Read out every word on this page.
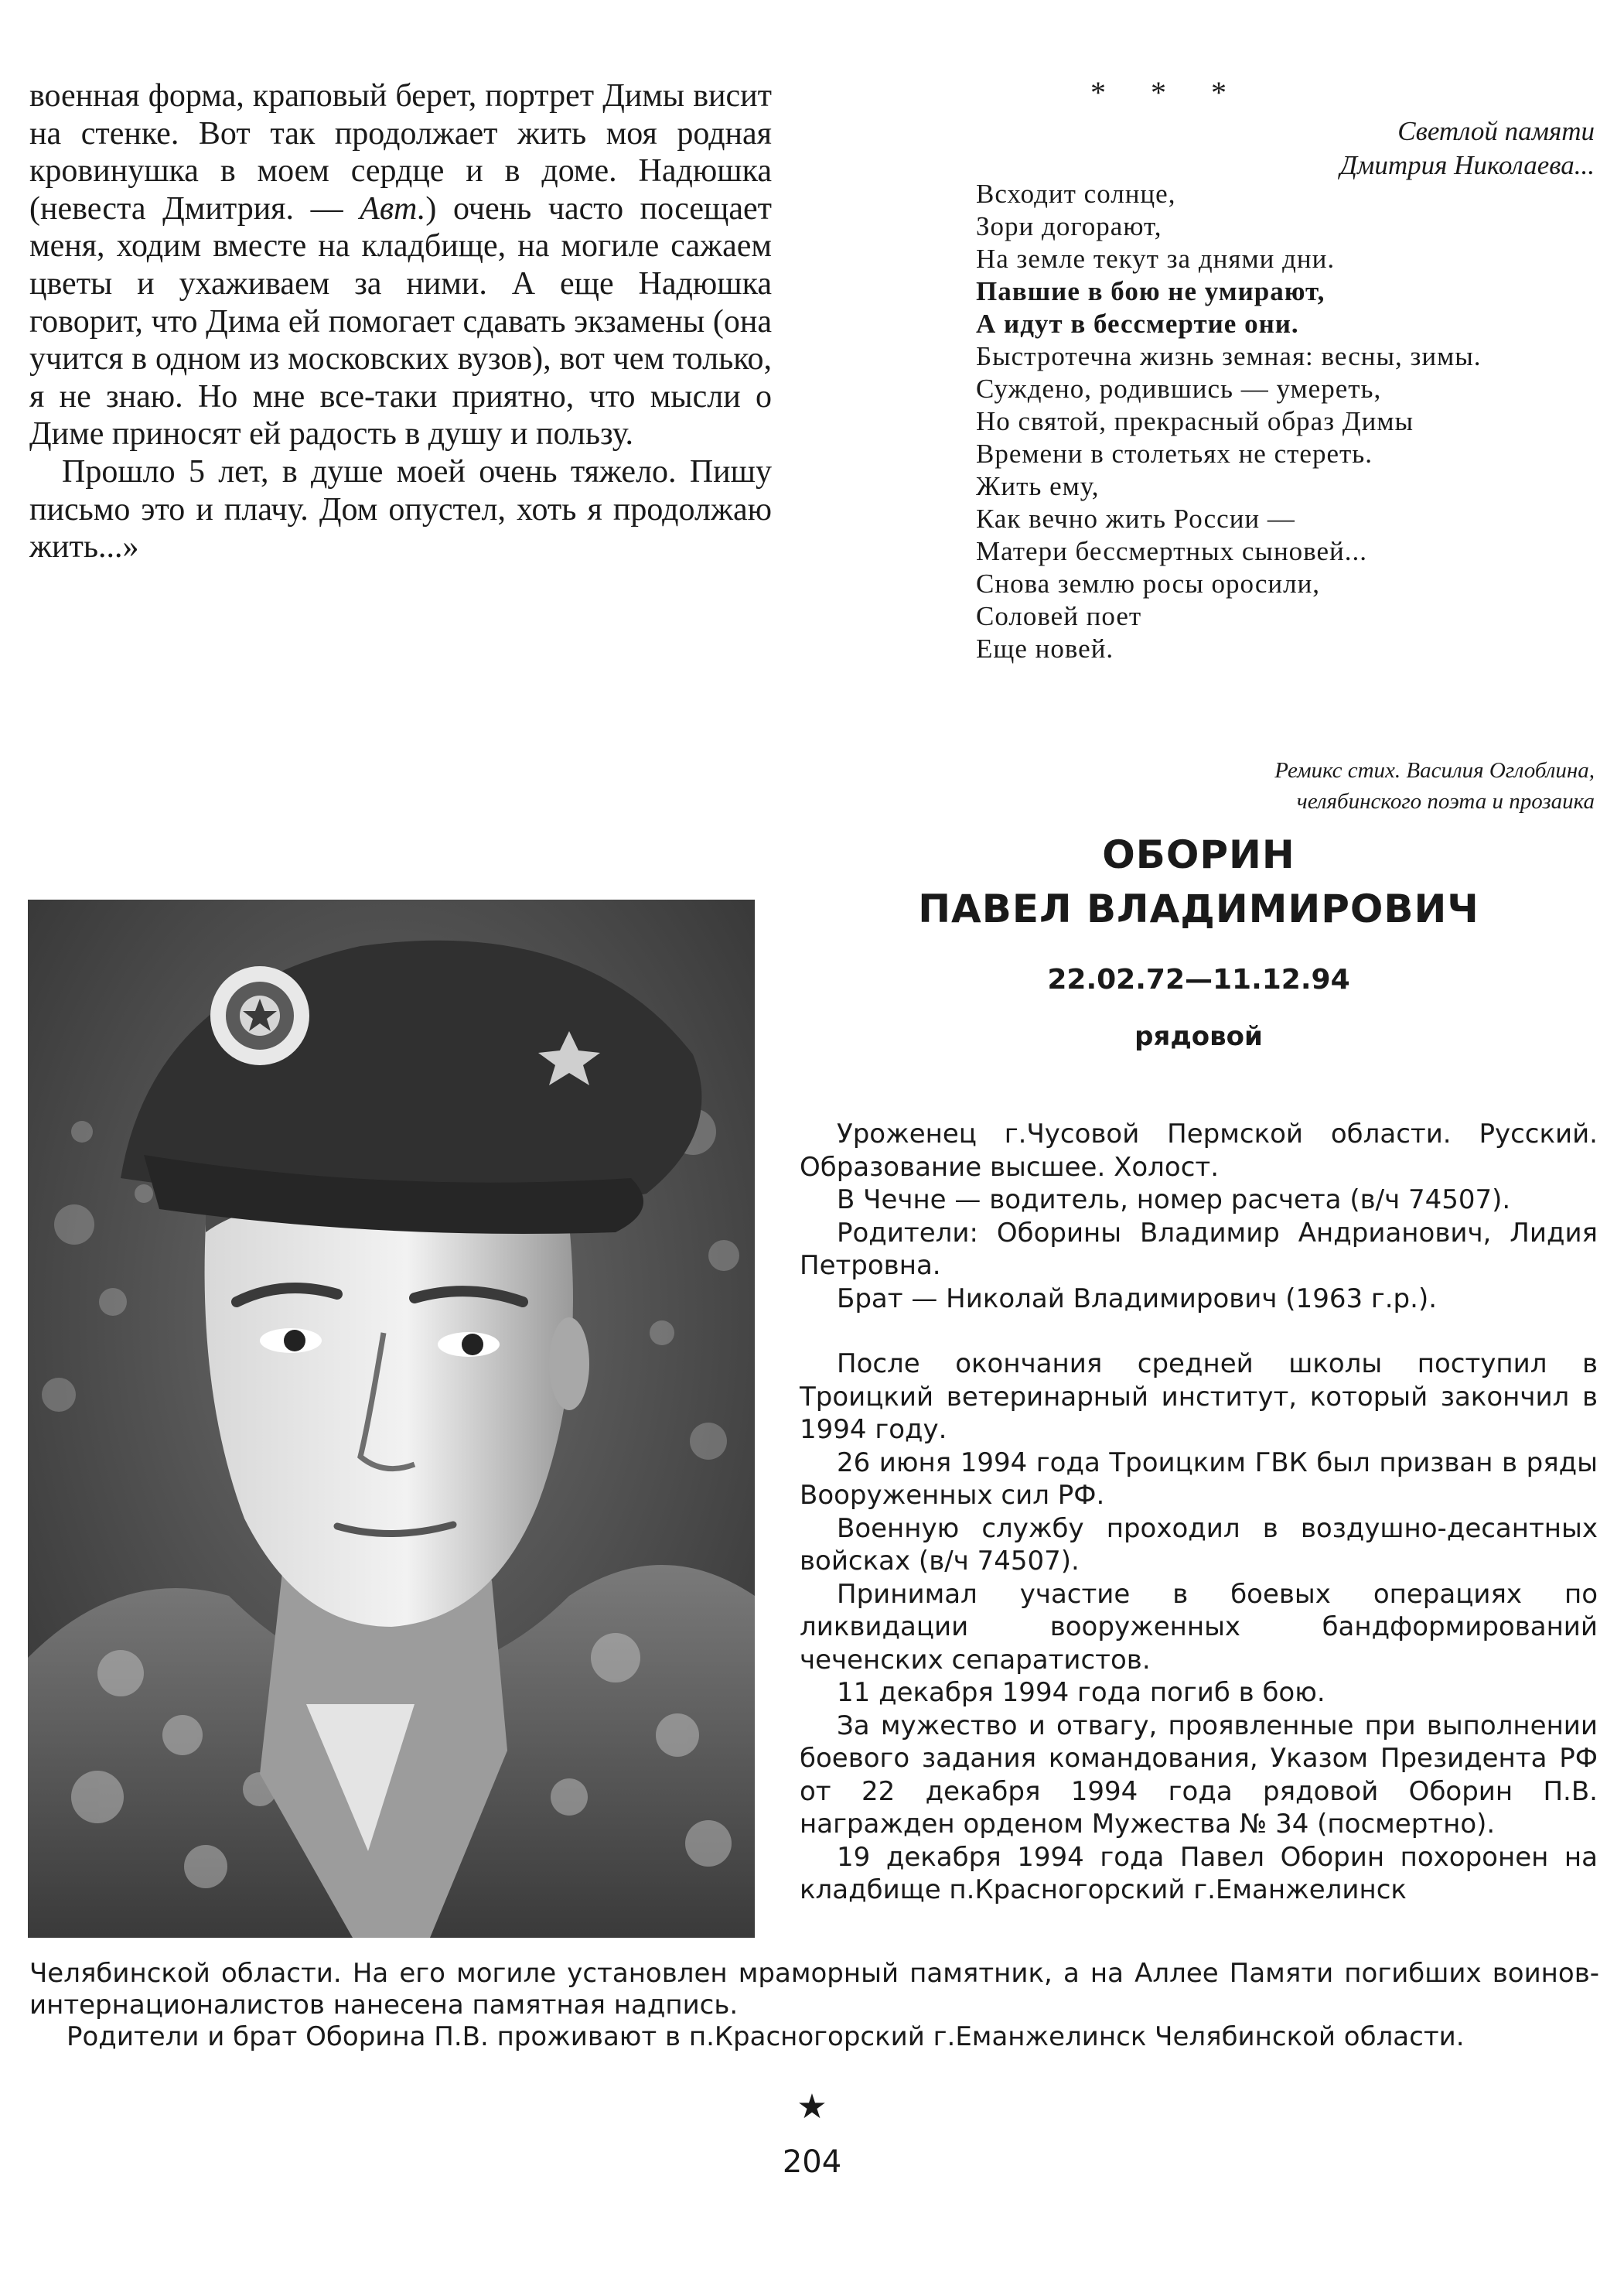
военная форма, краповый берет, портрет Димы висит на стенке. Вот так продолжает жить моя родная кровинушка в моем сердце и в доме. Надюшка (невеста Дмитрия. — Авт.) очень часто посещает меня, ходим вместе на кладбище, на могиле сажаем цветы и ухаживаем за ними. А еще Надюшка говорит, что Дима ей помогает сдавать экзамены (она учится в одном из московских вузов), вот чем только, я не знаю. Но мне все-таки приятно, что мысли о Диме приносят ей радость в душу и пользу.

Прошло 5 лет, в душе моей очень тяжело. Пишу письмо это и плачу. Дом опустел, хоть я продолжаю жить...»

* * *
Светлой памяти
Дмитрия Николаева...
Всходит солнце,
Зори догорают,
На земле текут за днями дни.
Павшие в бою не умирают,
А идут в бессмертие они.
Быстротечна жизнь земная: весны, зимы.
Суждено, родившись — умереть,
Но святой, прекрасный образ Димы
Времени в столетьях не стереть.
Жить ему,
Как вечно жить России —
Матери бессмертных сыновей...
Снова землю росы оросили,
Соловей поет
Еще новей.
Ремикс стих. Василия Оглоблина,
челябинского поэта и прозаика
ОБОРИН
ПАВЕЛ ВЛАДИМИРОВИЧ
22.02.72—11.12.94
рядовой

Уроженец г.Чусовой Пермской области. Русский. Образование высшее. Холост.

В Чечне — водитель, номер расчета (в/ч 74507).

Родители: Оборины Владимир Андрианович, Лидия Петровна.

Брат — Николай Владимирович (1963 г.р.).

После окончания средней школы поступил в Троицкий ветеринарный институт, который закончил в 1994 году.

26 июня 1994 года Троицким ГВК был призван в ряды Вооруженных сил РФ.

Военную службу проходил в воздушно-десантных войсках (в/ч 74507).

Принимал участие в боевых операциях по ликвидации вооруженных бандформирований чеченских сепаратистов.

11 декабря 1994 года погиб в бою.

За мужество и отвагу, проявленные при выполнении боевого задания командования, Указом Президента РФ от 22 декабря 1994 года рядовой Оборин П.В. награжден орденом Мужества № 34 (посмертно).

19 декабря 1994 года Павел Оборин похоронен на кладбище п.Красногорский г.Еманжелинск

Челябинской области. На его могиле установлен мраморный памятник, а на Аллее Памяти погибших воинов-интернационалистов нанесена памятная надпись.

Родители и брат Оборина П.В. проживают в п.Красногорский г.Еманжелинск Челябинской области.

★
204
